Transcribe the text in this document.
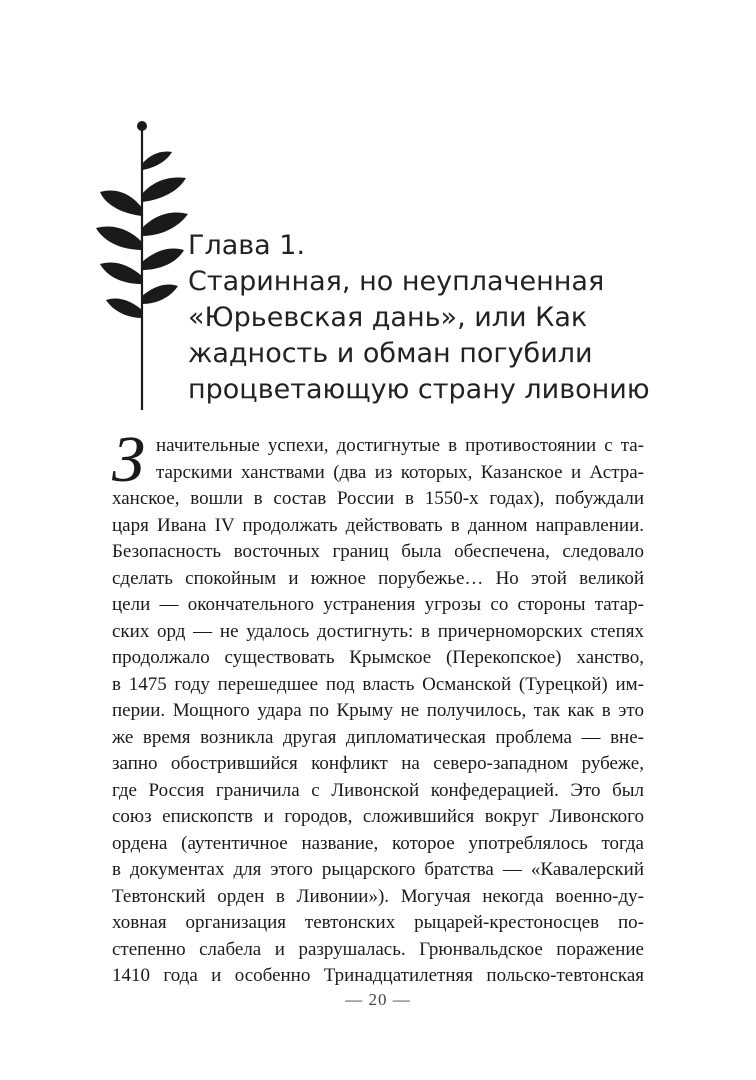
Глава 1.
Старинная, но неуплаченная
«Юрьевская дань», или Как
жадность и обман погубили
процветающую страну ливонию
З начительные успехи, достигнутые в противостоянии с та-
тарскими ханствами (два из которых, Казанское и Астра-
ханское, вошли в состав России в 1550-х годах), побуждали
царя Ивана IV продолжать действовать в данном направлении.
Безопасность восточных границ была обеспечена, следовало
сделать спокойным и южное порубежье… Но этой великой
цели — окончательного устранения угрозы со стороны татар-
ских орд — не удалось достигнуть: в причерноморских степях
продолжало существовать Крымское (Перекопское) ханство,
в 1475 году перешедшее под власть Османской (Турецкой) им-
перии. Мощного удара по Крыму не получилось, так как в это
же время возникла другая дипломатическая проблема — вне-
запно обострившийся конфликт на северо-западном рубеже,
где Россия граничила с Ливонской конфедерацией. Это был
союз епископств и городов, сложившийся вокруг Ливонского
ордена (аутентичное название, которое употреблялось тогда
в документах для этого рыцарского братства — «Кавалерский
Тевтонский орден в Ливонии»). Могучая некогда военно-ду-
ховная организация тевтонских рыцарей-крестоносцев по-
степенно слабела и разрушалась. Грюнвальдское поражение
1410 года и особенно Тринадцатилетняя польско-тевтонская
— 20 —
